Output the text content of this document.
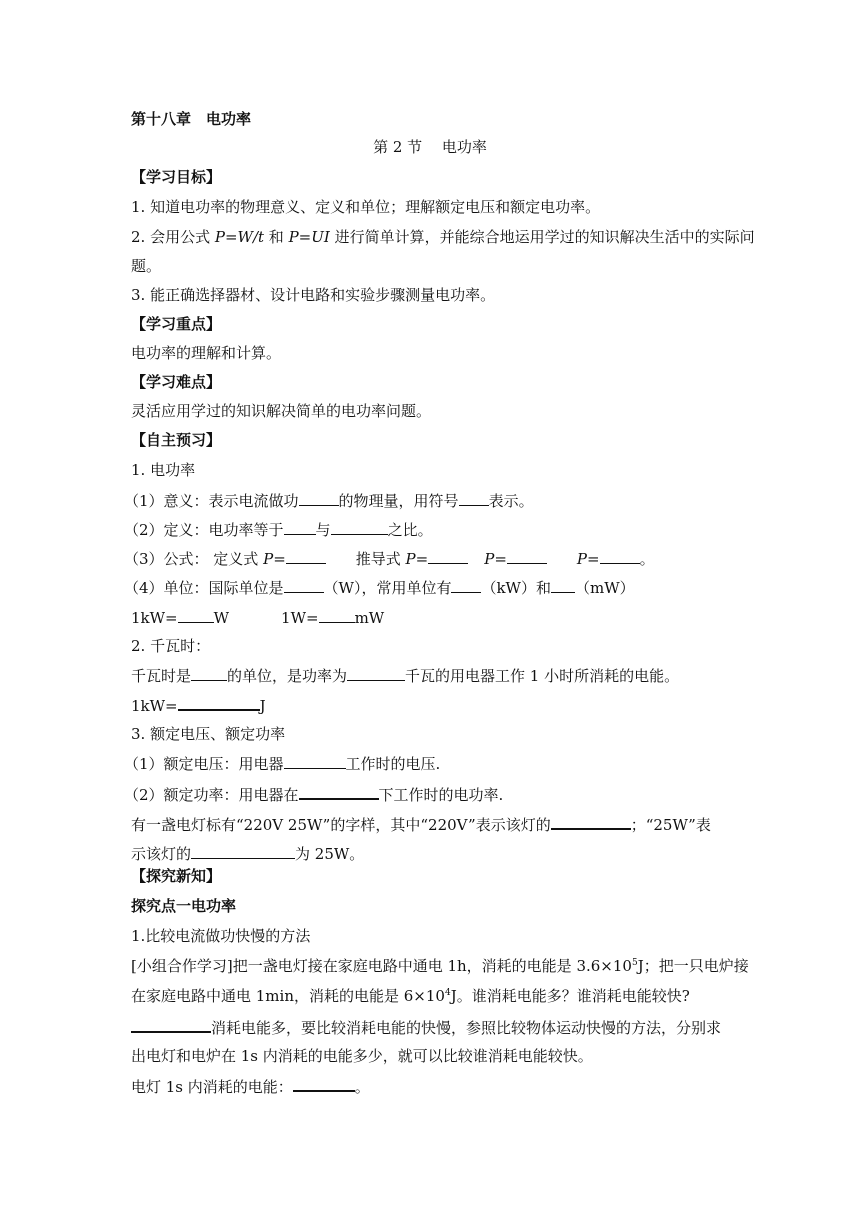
第十八章　电功率
第 2 节　 电功率
【学习目标】
1. 知道电功率的物理意义、定义和单位；理解额定电压和额定电功率。
2. 会用公式 P=W/t 和 P=UI 进行简单计算，并能综合地运用学过的知识解决生活中的实际问
题。
3. 能正确选择器材、设计电路和实验步骤测量电功率。
【学习重点】
电功率的理解和计算。
【学习难点】
灵活应用学过的知识解决简单的电功率问题。
【自主预习】
1. 电功率
（1）意义：表示电流做功	的物理量，用符号 表示。
（2）定义：电功率等于 与	之比。
（3）公式： 定义式 P=	推导式 P=	P=	P=	。
（4）单位：国际单位是	（W），常用单位有 （kW）和 （mW）
1kW= W	1W= mW
2. 千瓦时：
千瓦时是 的单位，是功率为	千瓦的用电器工作 1 小时所消耗的电能。
1kW=	J
3. 额定电压、额定功率
（1）额定电压：用电器	工作时的电压.
（2）额定功率：用电器在	下工作时的电功率.
有一盏电灯标有“220V 25W”的字样，其中“220V”表示该灯的	；“25W”表
示该灯的	为 25W。
【探究新知】
探究点一电功率
1.比较电流做功快慢的方法
[小组合作学习]把一盏电灯接在家庭电路中通电 1h，消耗的电能是 $3.6\times 10^5J$；把一只电炉接
在家庭电路中通电 1min，消耗的电能是 $6\times 10^4J$。谁消耗电能多？谁消耗电能较快?
消耗电能多，要比较消耗电能的快慢，参照比较物体运动快慢的方法，分别求
出电灯和电炉在 1s 内消耗的电能多少，就可以比较谁消耗电能较快。
电灯 1s 内消耗的电能：	。
